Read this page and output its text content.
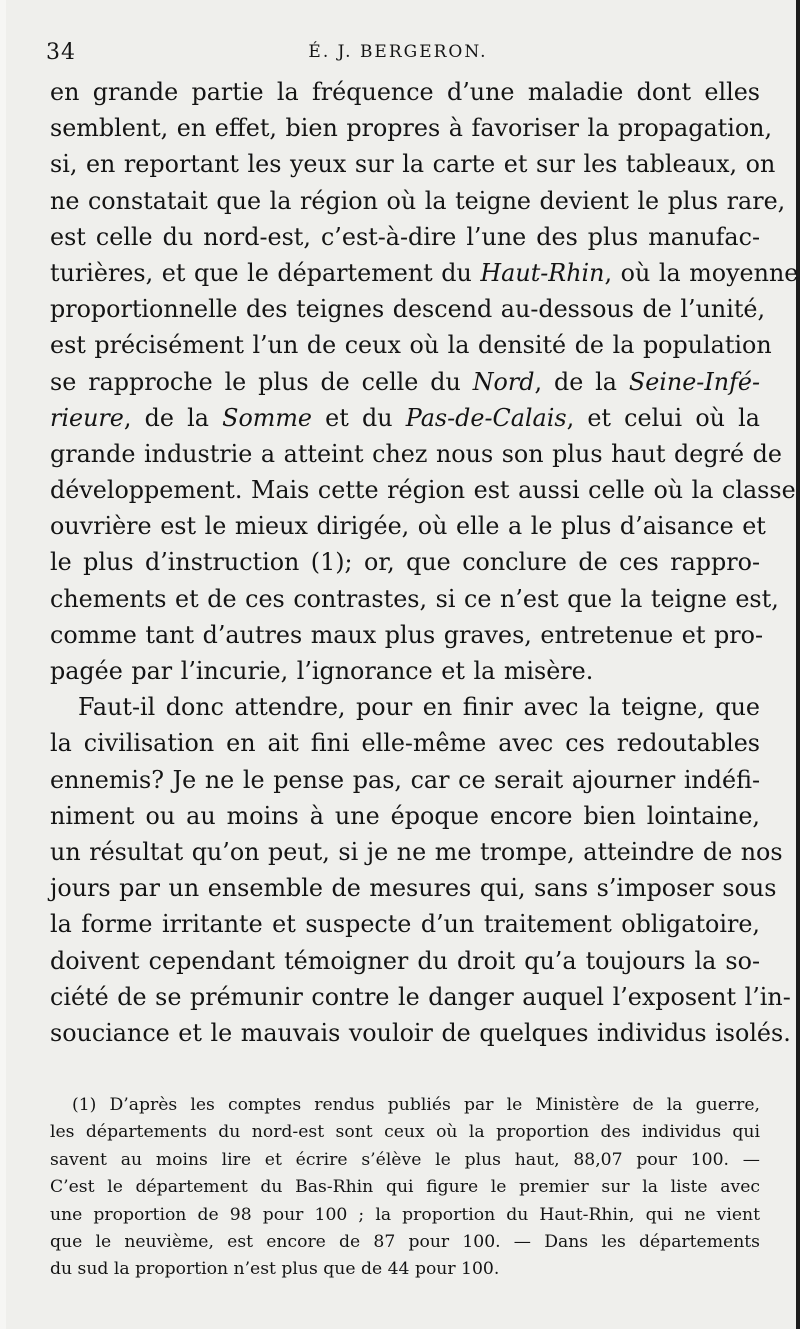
34	É. J. BERGERON.
en grande partie la fréquence d’une maladie dont elles
semblent, en effet, bien propres à favoriser la propagation,
si, en reportant les yeux sur la carte et sur les tableaux, on
ne constatait que la région où la teigne devient le plus rare,
est celle du nord-est, c’est-à-dire l’une des plus manufac-
turières, et que le département du Haut-Rhin, où la moyenne
proportionnelle des teignes descend au-dessous de l’unité,
est précisément l’un de ceux où la densité de la population
se rapproche le plus de celle du Nord, de la Seine-Infé-
rieure, de la Somme et du Pas-de-Calais, et celui où la
grande industrie a atteint chez nous son plus haut degré de
développement. Mais cette région est aussi celle où la classe
ouvrière est le mieux dirigée, où elle a le plus d’aisance et
le plus d’instruction (1); or, que conclure de ces rappro-
chements et de ces contrastes, si ce n’est que la teigne est,
comme tant d’autres maux plus graves, entretenue et pro-
pagée par l’incurie, l’ignorance et la misère.
Faut-il donc attendre, pour en finir avec la teigne, que
la civilisation en ait fini elle-même avec ces redoutables
ennemis? Je ne le pense pas, car ce serait ajourner indéfi-
niment ou au moins à une époque encore bien lointaine,
un résultat qu’on peut, si je ne me trompe, atteindre de nos
jours par un ensemble de mesures qui, sans s’imposer sous
la forme irritante et suspecte d’un traitement obligatoire,
doivent cependant témoigner du droit qu’a toujours la so-
ciété de se prémunir contre le danger auquel l’exposent l’in-
souciance et le mauvais vouloir de quelques individus isolés.
(1) D’après les comptes rendus publiés par le Ministère de la guerre,
les départements du nord-est sont ceux où la proportion des individus qui
savent au moins lire et écrire s’élève le plus haut, 88,07 pour 100. —
C’est le département du Bas-Rhin qui figure le premier sur la liste avec
une proportion de 98 pour 100 ; la proportion du Haut-Rhin, qui ne vient
que le neuvième, est encore de 87 pour 100. — Dans les départements
du sud la proportion n’est plus que de 44 pour 100.
